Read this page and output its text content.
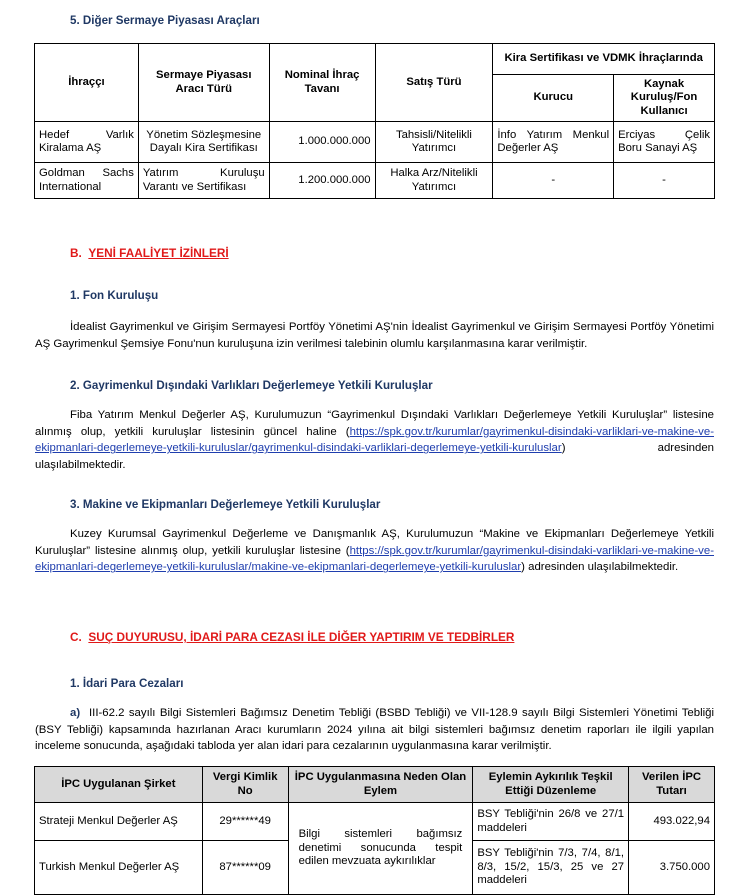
5. Diğer Sermaye Piyasası Araçları
İhraççı	Sermaye Piyasası Aracı Türü	Nominal İhraç Tavanı	Satış Türü	Kira Sertifikası ve VDMK İhraçlarında	
				Kurucu	Kaynak Kuruluş/Fon Kullanıcı
Hedef Varlık Kiralama AŞ	Yönetim Sözleşmesine Dayalı Kira Sertifikası	1.000.000.000	Tahsisli/Nitelikli Yatırımcı	İnfo Yatırım Menkul Değerler AŞ	Erciyas Çelik Boru Sanayi AŞ
Goldman Sachs International	Yatırım Kuruluşu Varantı ve Sertifikası	1.200.000.000	Halka Arz/Nitelikli Yatırımcı	-	-
B. YENİ FAALİYET İZİNLERİ
1. Fon Kuruluşu
İdealist Gayrimenkul ve Girişim Sermayesi Portföy Yönetimi AŞ'nin İdealist Gayrimenkul ve Girişim Sermayesi Portföy Yönetimi AŞ Gayrimenkul Şemsiye Fonu'nun kuruluşuna izin verilmesi talebinin olumlu karşılanmasına karar verilmiştir.
2. Gayrimenkul Dışındaki Varlıkları Değerlemeye Yetkili Kuruluşlar
Fiba Yatırım Menkul Değerler AŞ, Kurulumuzun “Gayrimenkul Dışındaki Varlıkları Değerlemeye Yetkili Kuruluşlar” listesine alınmış olup, yetkili kuruluşlar listesinin güncel haline (https://spk.gov.tr/kurumlar/gayrimenkul-disindaki-varliklari-ve-makine-ve-ekipmanlari-degerlemeye-yetkili-kuruluslar/gayrimenkul-disindaki-varliklari-degerlemeye-yetkili-kuruluslar) adresinden ulaşılabilmektedir.
3. Makine ve Ekipmanları Değerlemeye Yetkili Kuruluşlar
Kuzey Kurumsal Gayrimenkul Değerleme ve Danışmanlık AŞ, Kurulumuzun “Makine ve Ekipmanları Değerlemeye Yetkili Kuruluşlar” listesine alınmış olup, yetkili kuruluşlar listesine (https://spk.gov.tr/kurumlar/gayrimenkul-disindaki-varliklari-ve-makine-ve-ekipmanlari-degerlemeye-yetkili-kuruluslar/makine-ve-ekipmanlari-degerlemeye-yetkili-kuruluslar) adresinden ulaşılabilmektedir.
C. SUÇ DUYURUSU, İDARİ PARA CEZASI İLE DİĞER YAPTIRIM VE TEDBİRLER
1. İdari Para Cezaları
a) III-62.2 sayılı Bilgi Sistemleri Bağımsız Denetim Tebliği (BSBD Tebliği) ve VII-128.9 sayılı Bilgi Sistemleri Yönetimi Tebliği (BSY Tebliği) kapsamında hazırlanan Aracı kurumların 2024 yılına ait bilgi sistemleri bağımsız denetim raporları ile ilgili yapılan inceleme sonucunda, aşağıdaki tabloda yer alan idari para cezalarının uygulanmasına karar verilmiştir.
İPC Uygulanan Şirket	Vergi Kimlik No	İPC Uygulanmasına Neden Olan Eylem	Eylemin Aykırılık Teşkil Ettiği Düzenleme	Verilen İPC Tutarı
Strateji Menkul Değerler AŞ	29******49	Bilgi sistemleri bağımsız denetimi sonucunda tespit edilen mevzuata aykırılıklar	BSY Tebliği'nin 26/8 ve 27/1 maddeleri	493.022,94
Turkish Menkul Değerler AŞ	87******09		BSY Tebliği'nin 7/3, 7/4, 8/1, 8/3, 15/2, 15/3, 25 ve 27 maddeleri	3.750.000
